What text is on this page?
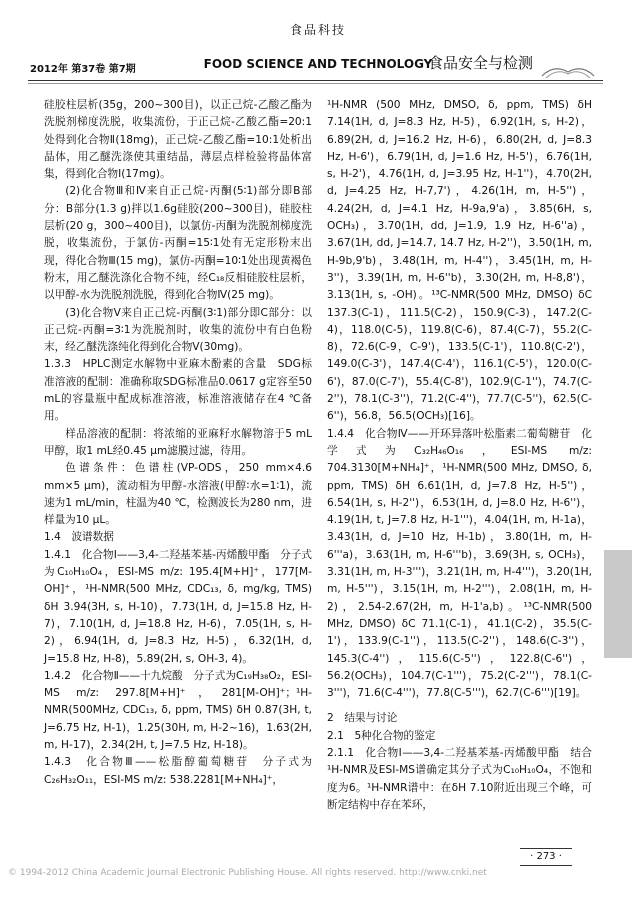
食品科技
2012年 第37卷 第7期	FOOD SCIENCE AND TECHNOLOGY
食品安全与检测

硅胶柱层析(35g，200~300目)，以正己烷-乙酸乙酯为洗脱剂梯度洗脱，收集流份，于正己烷-乙酸乙酯=20:1处得到化合物Ⅱ(18mg)，正己烷-乙酸乙酯=10:1处析出晶体，用乙醚洗涤使其重结晶，薄层点样检验将晶体富集，得到化合物Ⅰ(17mg)。

(2)化合物Ⅲ和Ⅳ来自正己烷-丙酮(5∶1)部分即B部分：B部分(1.3 g)拌以1.6g硅胶(200~300目)，硅胶柱层析(20 g，300~400目)，以氯仿-丙酮为洗脱剂梯度洗脱，收集流份，于氯仿-丙酮=15∶1处有无定形粉末出现，得化合物Ⅲ(15 mg)，氯仿-丙酮=10∶1处出现黄褐色粉末，用乙醚洗涤化合物不纯，经C₁₈反相硅胶柱层析，以甲醇-水为洗脱剂洗脱，得到化合物Ⅳ(25 mg)。

(3)化合物Ⅴ来自正己烷-丙酮(3∶1)部分即C部分：以正己烷-丙酮=3∶1为洗脱剂时，收集的流份中有白色粉末，经乙醚洗涤纯化得到化合物Ⅴ(30mg)。

1.3.3　HPLC测定水解物中亚麻木酚素的含量　SDG标准溶液的配制：准确称取SDG标准品0.0617 g定容至50 mL的容量瓶中配成标准溶液，标准溶液储存在4 ℃备用。

样品溶液的配制：将浓缩的亚麻籽水解物溶于5 mL甲醇，取1 mL经0.45 μm滤膜过滤，待用。

色谱条件：色谱柱(VP-ODS，250 mm×4.6 mm×5 μm)，流动相为甲醇-水溶液(甲醇∶水=1∶1)，流速为1 mL/min，柱温为40 ℃，检测波长为280 nm，进样量为10 μL。

1.4　波谱数据

1.4.1　化合物Ⅰ——3,4-二羟基苯基-丙烯酸甲酯　分子式为C₁₀H₁₀O₄，ESI-MS m/z: 195.4[M+H]⁺，177[M-OH]⁺，¹H-NMR(500 MHz, CDC₁₃, δ, mg/kg, TMS) δH 3.94(3H, s, H-10)，7.73(1H, d, J=15.8 Hz, H-7)，7.10(1H, d, J=18.8 Hz, H-6)，7.05(1H, s, H-2)，6.94(1H, d, J=8.3 Hz, H-5)，6.32(1H, d, J=15.8 Hz, H-8)，5.89(2H, s, OH-3, 4)。

1.4.2　化合物Ⅱ——十九烷酸　分子式为C₁₉H₃₈O₂，ESI-MS m/z: 297.8[M+H]⁺，281[M-OH]⁺；¹H-NMR(500MHz, CDC₁₃, δ, ppm, TMS) δH 0.87(3H, t, J=6.75 Hz, H-1)，1.25(30H, m, H-2~16)，1.63(2H, m, H-17)，2.34(2H, t, J=7.5 Hz, H-18)。

1.4.3　化合物Ⅲ——松脂醇葡萄糖苷　分子式为C₂₆H₃₂O₁₁，ESI-MS m/z: 538.2281[M+NH₄]⁺，

¹H-NMR (500 MHz, DMSO, δ, ppm, TMS) δH 7.14(1H, d, J=8.3 Hz, H-5)，6.92(1H, s, H-2)，6.89(2H, d, J=16.2 Hz, H-6)，6.80(2H, d, J=8.3 Hz, H-6')，6.79(1H, d, J=1.6 Hz, H-5')，6.76(1H, s, H-2')，4.76(1H, d, J=3.95 Hz, H-1'')，4.70(2H, d, J=4.25 Hz, H-7,7')，4.26(1H, m, H-5'')，4.24(2H, d, J=4.1 Hz, H-9a,9'a)，3.85(6H, s, OCH₃)，3.70(1H, dd, J=1.9, 1.9 Hz, H-6''a)，3.67(1H, dd, J=14.7, 14.7 Hz, H-2'')，3.50(1H, m, H-9b,9'b)，3.48(1H, m, H-4'')，3.45(1H, m, H-3'')，3.39(1H, m, H-6''b)，3.30(2H, m, H-8,8')，3.13(1H, s, -OH)。¹³C-NMR(500 MHz, DMSO) δC 137.3(C-1)，111.5(C-2)，150.9(C-3)，147.2(C-4)，118.0(C-5)，119.8(C-6)，87.4(C-7)，55.2(C-8)，72.6(C-9，C-9')，133.5(C-1')，110.8(C-2')，149.0(C-3')，147.4(C-4')，116.1(C-5')，120.0(C-6')，87.0(C-7')，55.4(C-8')，102.9(C-1'')，74.7(C-2'')，78.1(C-3'')，71.2(C-4'')，77.7(C-5'')，62.5(C-6'')，56.8，56.5(OCH₃)[16]。

1.4.4　化合物Ⅳ——开环异落叶松脂素二葡萄糖苷　化学式为C₃₂H₄₆O₁₆，ESI-MS m/z: 704.3130[M+NH₄]⁺，¹H-NMR(500 MHz, DMSO, δ, ppm, TMS) δH 6.61(1H, d, J=7.8 Hz, H-5'')，6.54(1H, s, H-2'')，6.53(1H, d, J=8.0 Hz, H-6'')，4.19(1H, t, J=7.8 Hz, H-1''')，4.04(1H, m, H-1a)，3.43(1H, d, J=10 Hz, H-1b)，3.80(1H, m, H-6'''a)，3.63(1H, m, H-6'''b)，3.69(3H, s, OCH₃)，3.31(1H, m, H-3''')，3.21(1H, m, H-4''')，3.20(1H, m, H-5''')，3.15(1H, m, H-2''')，2.08(1H, m, H-2)，2.54-2.67(2H, m, H-1'a,b)。¹³C-NMR(500 MHz, DMSO) δC 71.1(C-1)，41.1(C-2)，35.5(C-1')，133.9(C-1'')，113.5(C-2'')，148.6(C-3'')，145.3(C-4'')，115.6(C-5'')，122.8(C-6'')，56.2(OCH₃)，104.7(C-1''')，75.2(C-2''')，78.1(C-3''')，71.6(C-4''')，77.8(C-5''')，62.7(C-6''')[19]。

2　结果与讨论

2.1　5种化合物的鉴定

2.1.1　化合物Ⅰ——3,4-二羟基苯基-丙烯酸甲酯　结合¹H-NMR及ESI-MS谱确定其分子式为C₁₀H₁₀O₄，不饱和度为6。¹H-NMR谱中：在δH 7.10附近出现三个峰，可断定结构中存在苯环，

· 273 ·
© 1994-2012 China Academic Journal Electronic Publishing House. All rights reserved. http://www.cnki.net
